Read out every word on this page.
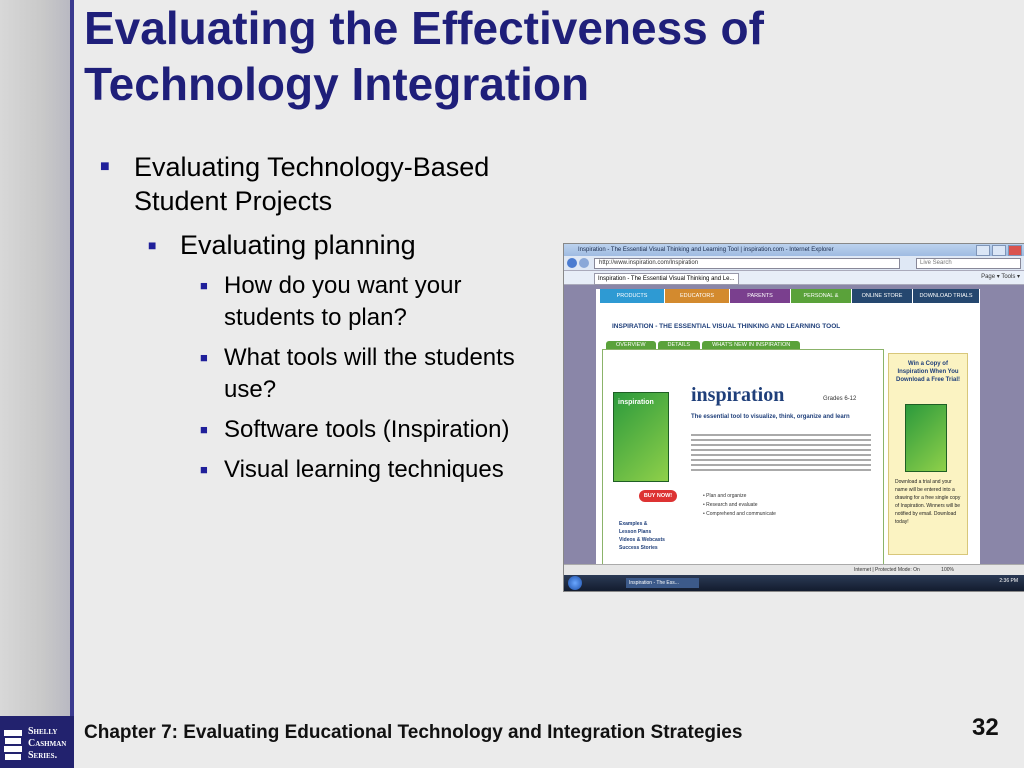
Shelly
Cashman
Series.
Evaluating the Effectiveness of
Technology Integration
■ Evaluating Technology-Based Student Projects
■ Evaluating planning
■ How do you want your students to plan?
■ What tools will the students use?
■ Software tools (Inspiration)
■ Visual learning techniques
Inspiration - The Essential Visual Thinking and Learning Tool | inspiration.com - Internet Explorer
http://www.inspiration.com/Inspiration	Live Search
Inspiration - The Essential Visual Thinking and Le...	Page ▾ Tools ▾
PRODUCTS	EDUCATORS	PARENTS	PERSONAL & BUSINESS USE
ONLINE STORE	DOWNLOAD TRIALS
INSPIRATION - THE ESSENTIAL VISUAL THINKING AND LEARNING TOOL
OVERVIEW	DETAILS	WHAT'S NEW IN INSPIRATION
inspiration	inspiration	Grades 6-12
The essential tool to visualize, think, organize and learn
BUY NOW!	• Plan and organize
• Research and evaluate
• Comprehend and communicate
Examples &
Lesson Plans
Videos & Webcasts
Success Stories
Win a Copy of Inspiration When You Download a Free Trial!
Download a trial and your name will be entered into a drawing for a free single copy of Inspiration. Winners will be notified by email. Download today!
Internet | Protected Mode: On	100%
Inspiration - The Ess...	2:36 PM
Chapter 7: Evaluating Educational Technology and Integration Strategies	32
